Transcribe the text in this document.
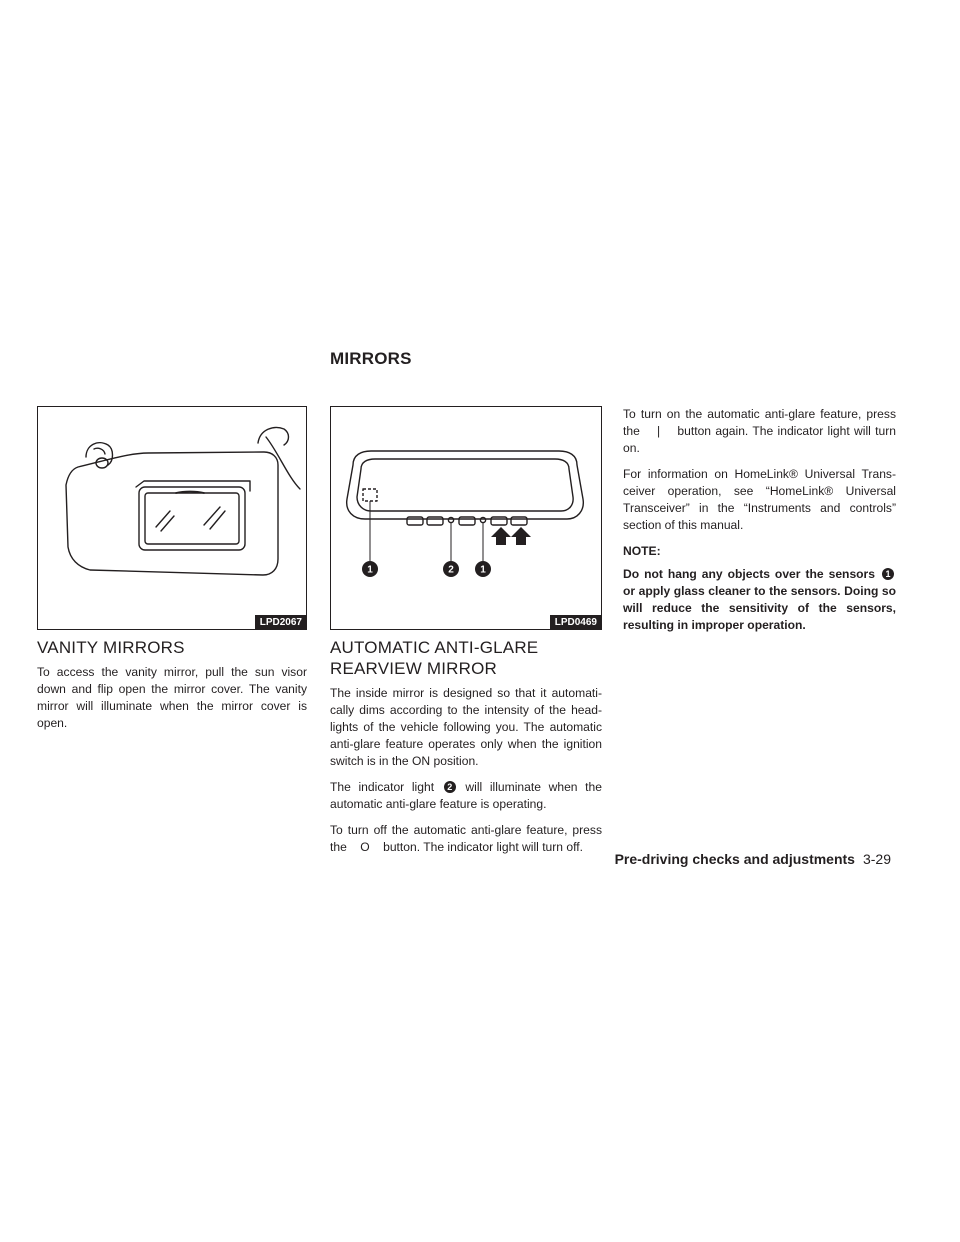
MIRRORS
LPD2067
VANITY MIRRORS

To access the vanity mirror, pull the sun visor down and flip open the mirror cover. The vanity mirror will illuminate when the mirror cover is open.

1	2	1
LPD0469
AUTOMATIC ANTI-GLARE
REARVIEW MIRROR

The inside mirror is designed so that it automati-cally dims according to the intensity of the head-lights of the vehicle following you. The automatic anti-glare feature operates only when the ignition switch is in the ON position.

The indicator light 2 will illuminate when the automatic anti-glare feature is operating.

To turn off the automatic anti-glare feature, press the    O    button. The indicator light will turn off.

To turn on the automatic anti-glare feature, press the    |    button again. The indicator light will turn on.

For information on HomeLink® Universal Trans-ceiver operation, see “HomeLink® Universal Transceiver” in the “Instruments and controls” section of this manual.

NOTE:

Do not hang any objects over the sensors 1 or apply glass cleaner to the sensors. Doing so will reduce the sensitivity of the sensors, resulting in improper operation.

Pre-driving checks and adjustments 3-29
